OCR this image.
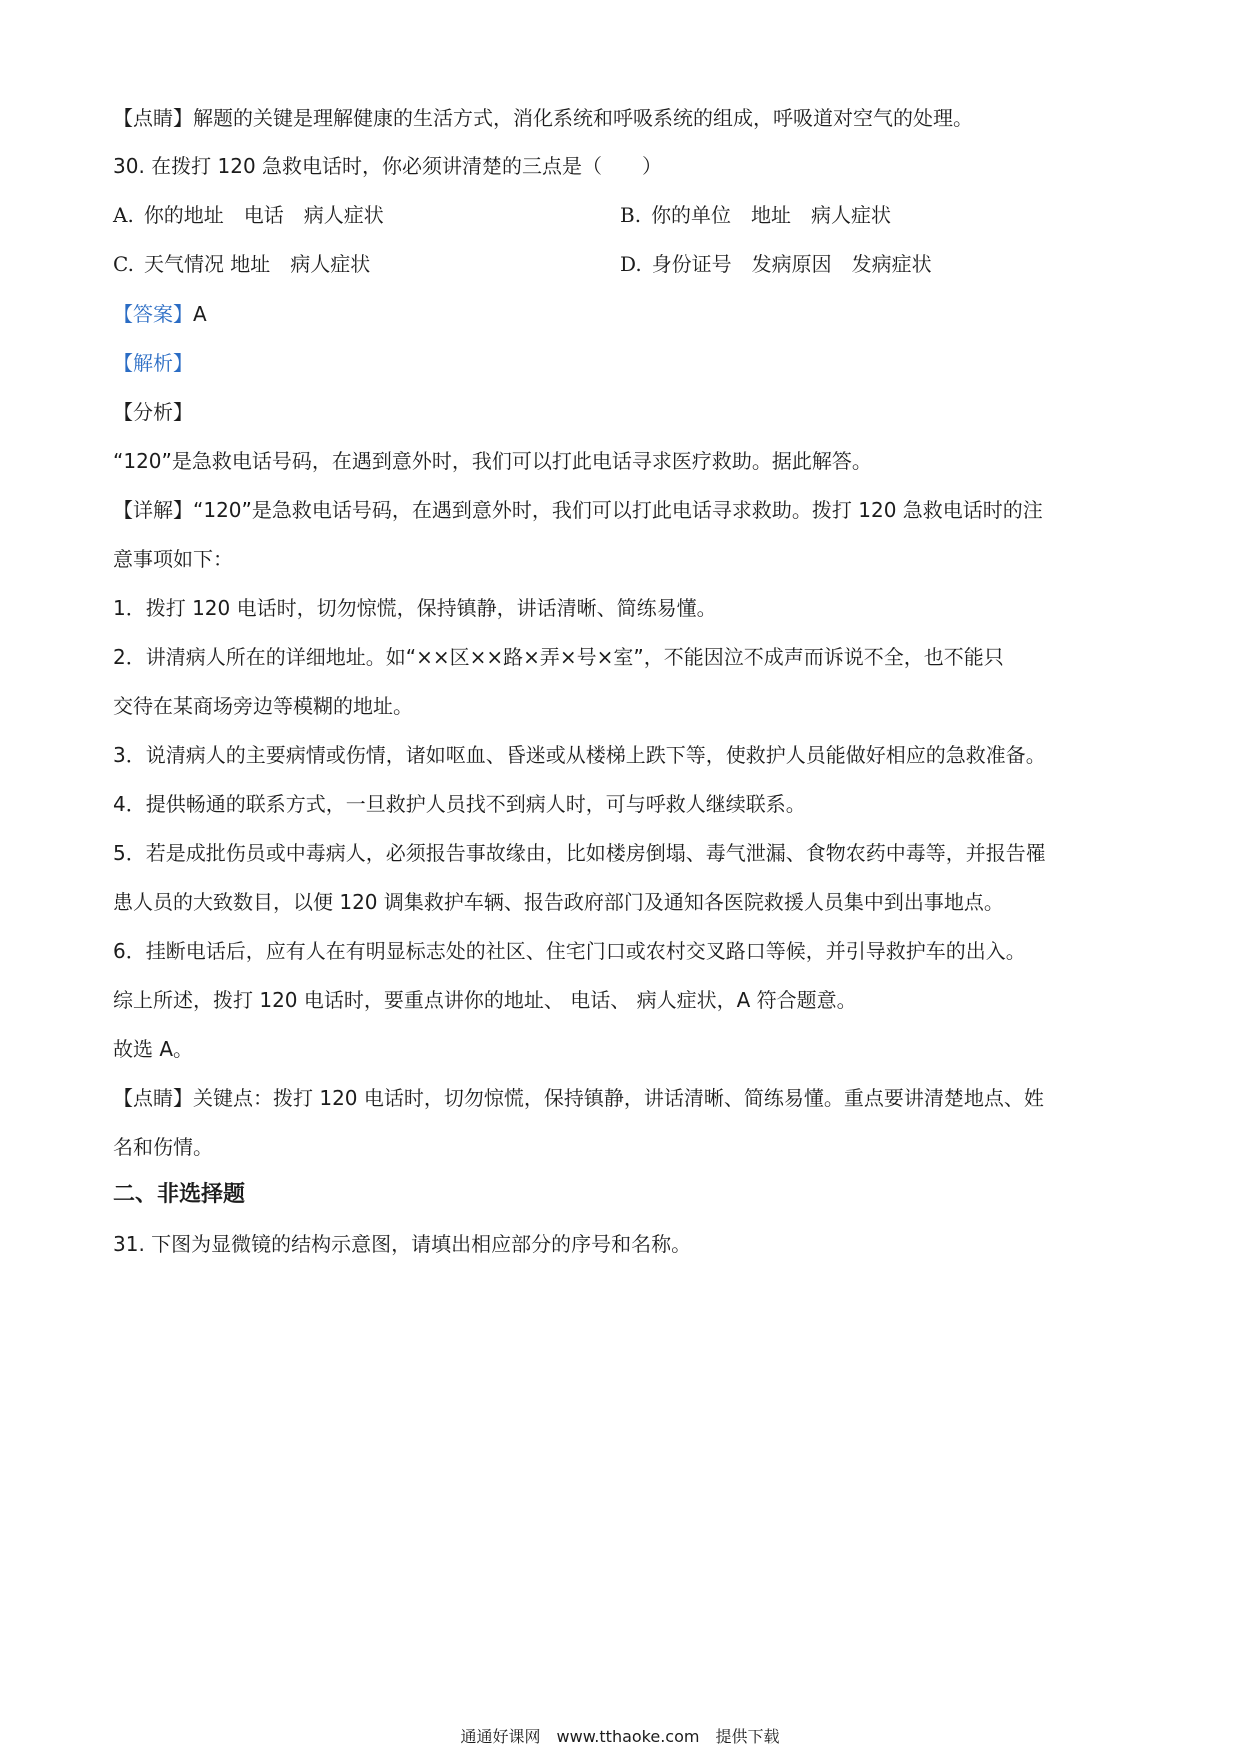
【点睛】解题的关键是理解健康的生活方式，消化系统和呼吸系统的组成，呼吸道对空气的处理。
30. 在拨打 120 急救电话时，你必须讲清楚的三点是（　　）
A. 你的地址　电话　病人症状	B. 你的单位　地址　病人症状
C. 天气情况 地址　病人症状	D. 身份证号　发病原因　发病症状
【答案】A
【解析】
【分析】
“120”是急救电话号码，在遇到意外时，我们可以打此电话寻求医疗救助。据此解答。
【详解】“120”是急救电话号码，在遇到意外时，我们可以打此电话寻求救助。拨打 120 急救电话时的注
意事项如下：
1．拨打 120 电话时，切勿惊慌，保持镇静，讲话清晰、简练易懂。
2．讲清病人所在的详细地址。如“××区××路×弄×号×室”，不能因泣不成声而诉说不全，也不能只
交待在某商场旁边等模糊的地址。
3．说清病人的主要病情或伤情，诸如呕血、昏迷或从楼梯上跌下等，使救护人员能做好相应的急救准备。
4．提供畅通的联系方式，一旦救护人员找不到病人时，可与呼救人继续联系。
5．若是成批伤员或中毒病人，必须报告事故缘由，比如楼房倒塌、毒气泄漏、食物农药中毒等，并报告罹
患人员的大致数目，以便 120 调集救护车辆、报告政府部门及通知各医院救援人员集中到出事地点。
6．挂断电话后，应有人在有明显标志处的社区、住宅门口或农村交叉路口等候，并引导救护车的出入。
综上所述，拨打 120 电话时，要重点讲你的地址、 电话、 病人症状，A 符合题意。
故选 A。
【点睛】关键点：拨打 120 电话时，切勿惊慌，保持镇静，讲话清晰、简练易懂。重点要讲清楚地点、姓
名和伤情。
二、非选择题
31. 下图为显微镜的结构示意图，请填出相应部分的序号和名称。
通通好课网　www.tthaoke.com　提供下载
